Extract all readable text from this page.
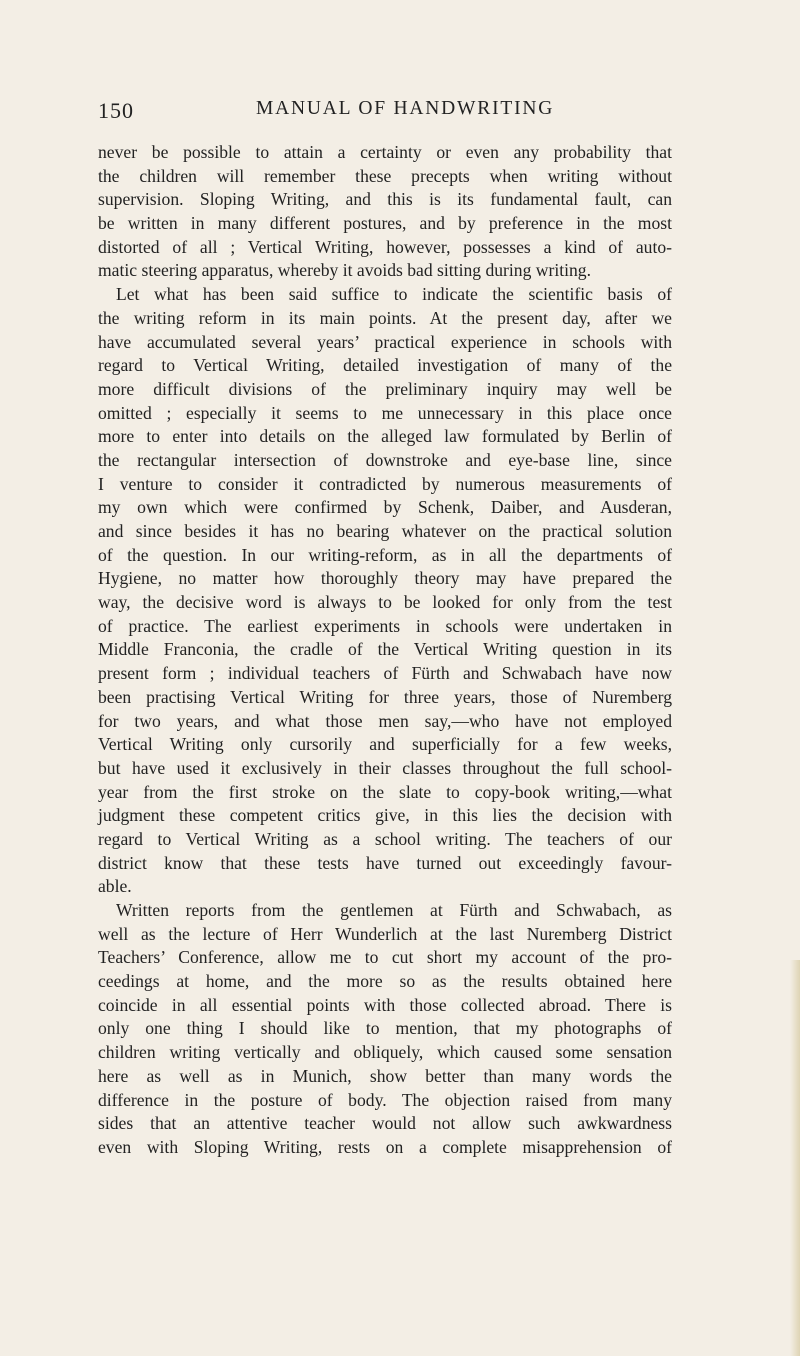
150	MANUAL OF HANDWRITING
never be possible to attain a certainty or even any probability that
the children will remember these precepts when writing without
supervision. Sloping Writing, and this is its fundamental fault, can
be written in many different postures, and by preference in the most
distorted of all ; Vertical Writing, however, possesses a kind of auto-
matic steering apparatus, whereby it avoids bad sitting during writing.
Let what has been said suffice to indicate the scientific basis of
the writing reform in its main points. At the present day, after we
have accumulated several years’ practical experience in schools with
regard to Vertical Writing, detailed investigation of many of the
more difficult divisions of the preliminary inquiry may well be
omitted ; especially it seems to me unnecessary in this place once
more to enter into details on the alleged law formulated by Berlin of
the rectangular intersection of downstroke and eye-base line, since
I venture to consider it contradicted by numerous measurements of
my own which were confirmed by Schenk, Daiber, and Ausderan,
and since besides it has no bearing whatever on the practical solution
of the question. In our writing-reform, as in all the departments of
Hygiene, no matter how thoroughly theory may have prepared the
way, the decisive word is always to be looked for only from the test
of practice. The earliest experiments in schools were undertaken in
Middle Franconia, the cradle of the Vertical Writing question in its
present form ; individual teachers of Fürth and Schwabach have now
been practising Vertical Writing for three years, those of Nuremberg
for two years, and what those men say,—who have not employed
Vertical Writing only cursorily and superficially for a few weeks,
but have used it exclusively in their classes throughout the full school-
year from the first stroke on the slate to copy-book writing,—what
judgment these competent critics give, in this lies the decision with
regard to Vertical Writing as a school writing. The teachers of our
district know that these tests have turned out exceedingly favour-
able.
Written reports from the gentlemen at Fürth and Schwabach, as
well as the lecture of Herr Wunderlich at the last Nuremberg District
Teachers’ Conference, allow me to cut short my account of the pro-
ceedings at home, and the more so as the results obtained here
coincide in all essential points with those collected abroad. There is
only one thing I should like to mention, that my photographs of
children writing vertically and obliquely, which caused some sensation
here as well as in Munich, show better than many words the
difference in the posture of body. The objection raised from many
sides that an attentive teacher would not allow such awkwardness
even with Sloping Writing, rests on a complete misapprehension of
